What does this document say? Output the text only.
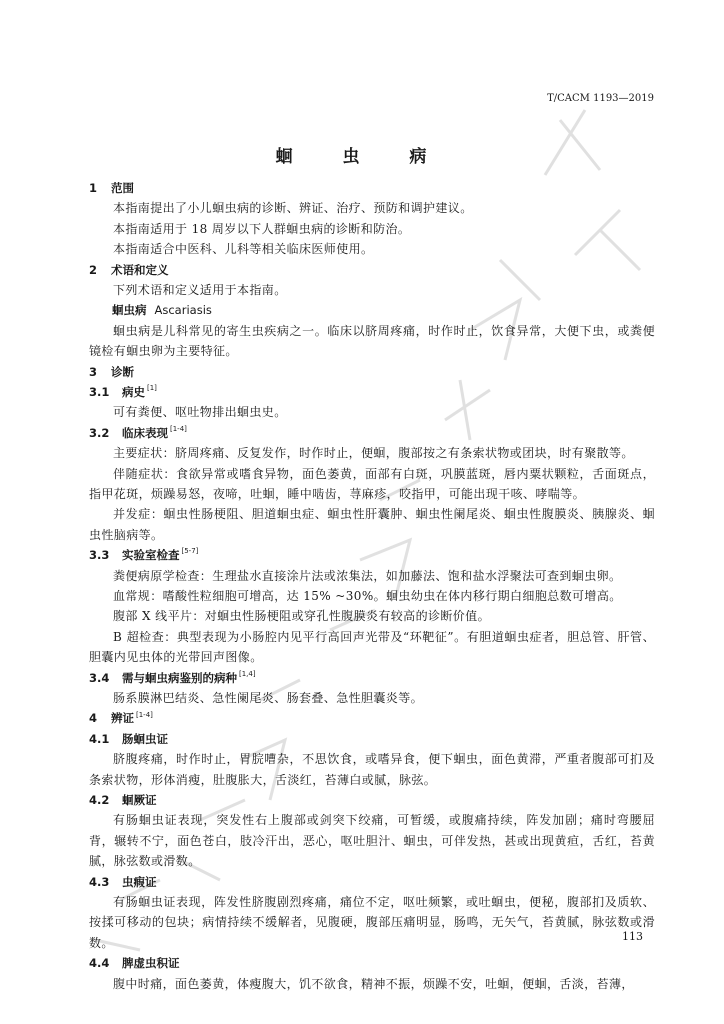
T/CACM 1193—2019
蛔 虫 病
1 范围
本指南提出了小儿蛔虫病的诊断、辨证、治疗、预防和调护建议。
本指南适用于 18 周岁以下人群蛔虫病的诊断和防治。
本指南适合中医科、儿科等相关临床医师使用。
2 术语和定义
下列术语和定义适用于本指南。
蛔虫病 Ascariasis
蛔虫病是儿科常见的寄生虫疾病之一。临床以脐周疼痛，时作时止，饮食异常，大便下虫，或粪便镜检有蛔虫卵为主要特征。
3 诊断
3.1 病史 [1]
可有粪便、呕吐物排出蛔虫史。
3.2 临床表现 [1-4]
主要症状：脐周疼痛、反复发作，时作时止，便蛔，腹部按之有条索状物或团块，时有聚散等。
伴随症状：食欲异常或嗜食异物，面色萎黄，面部有白斑，巩膜蓝斑，唇内粟状颗粒，舌面斑点，指甲花斑，烦躁易怒，夜啼，吐蛔，睡中啮齿，荨麻疹，咬指甲，可能出现干咳、哮喘等。
并发症：蛔虫性肠梗阻、胆道蛔虫症、蛔虫性肝囊肿、蛔虫性阑尾炎、蛔虫性腹膜炎、胰腺炎、蛔虫性脑病等。
3.3 实验室检查 [5-7]
粪便病原学检查：生理盐水直接涂片法或浓集法，如加藤法、饱和盐水浮聚法可查到蛔虫卵。
血常规：嗜酸性粒细胞可增高，达 15% ~30%。蛔虫幼虫在体内移行期白细胞总数可增高。
腹部 X 线平片：对蛔虫性肠梗阻或穿孔性腹膜炎有较高的诊断价值。
B 超检查：典型表现为小肠腔内见平行高回声光带及“环靶征”。有胆道蛔虫症者，胆总管、肝管、胆囊内见虫体的光带回声图像。
3.4 需与蛔虫病鉴别的病种 [1,4]
肠系膜淋巴结炎、急性阑尾炎、肠套叠、急性胆囊炎等。
4 辨证 [1-4]
4.1 肠蛔虫证
脐腹疼痛，时作时止，胃脘嘈杂，不思饮食，或嗜异食，便下蛔虫，面色黄滞，严重者腹部可扪及条索状物，形体消瘦，肚腹胀大，舌淡红，苔薄白或腻，脉弦。
4.2 蛔厥证
有肠蛔虫证表现，突发性右上腹部或剑突下绞痛，可暂缓，或腹痛持续，阵发加剧；痛时弯腰屈背，辗转不宁，面色苍白，肢冷汗出，恶心，呕吐胆汁、蛔虫，可伴发热，甚或出现黄疸，舌红，苔黄腻，脉弦数或滑数。
4.3 虫瘕证
有肠蛔虫证表现，阵发性脐腹剧烈疼痛，痛位不定，呕吐频繁，或吐蛔虫，便秘，腹部扪及质软、按揉可移动的包块；病情持续不缓解者，见腹硬，腹部压痛明显，肠鸣，无矢气，苔黄腻，脉弦数或滑数。
4.4 脾虚虫积证
腹中时痛，面色萎黄，体瘦腹大，饥不欲食，精神不振，烦躁不安，吐蛔，便蛔，舌淡，苔薄，
113
